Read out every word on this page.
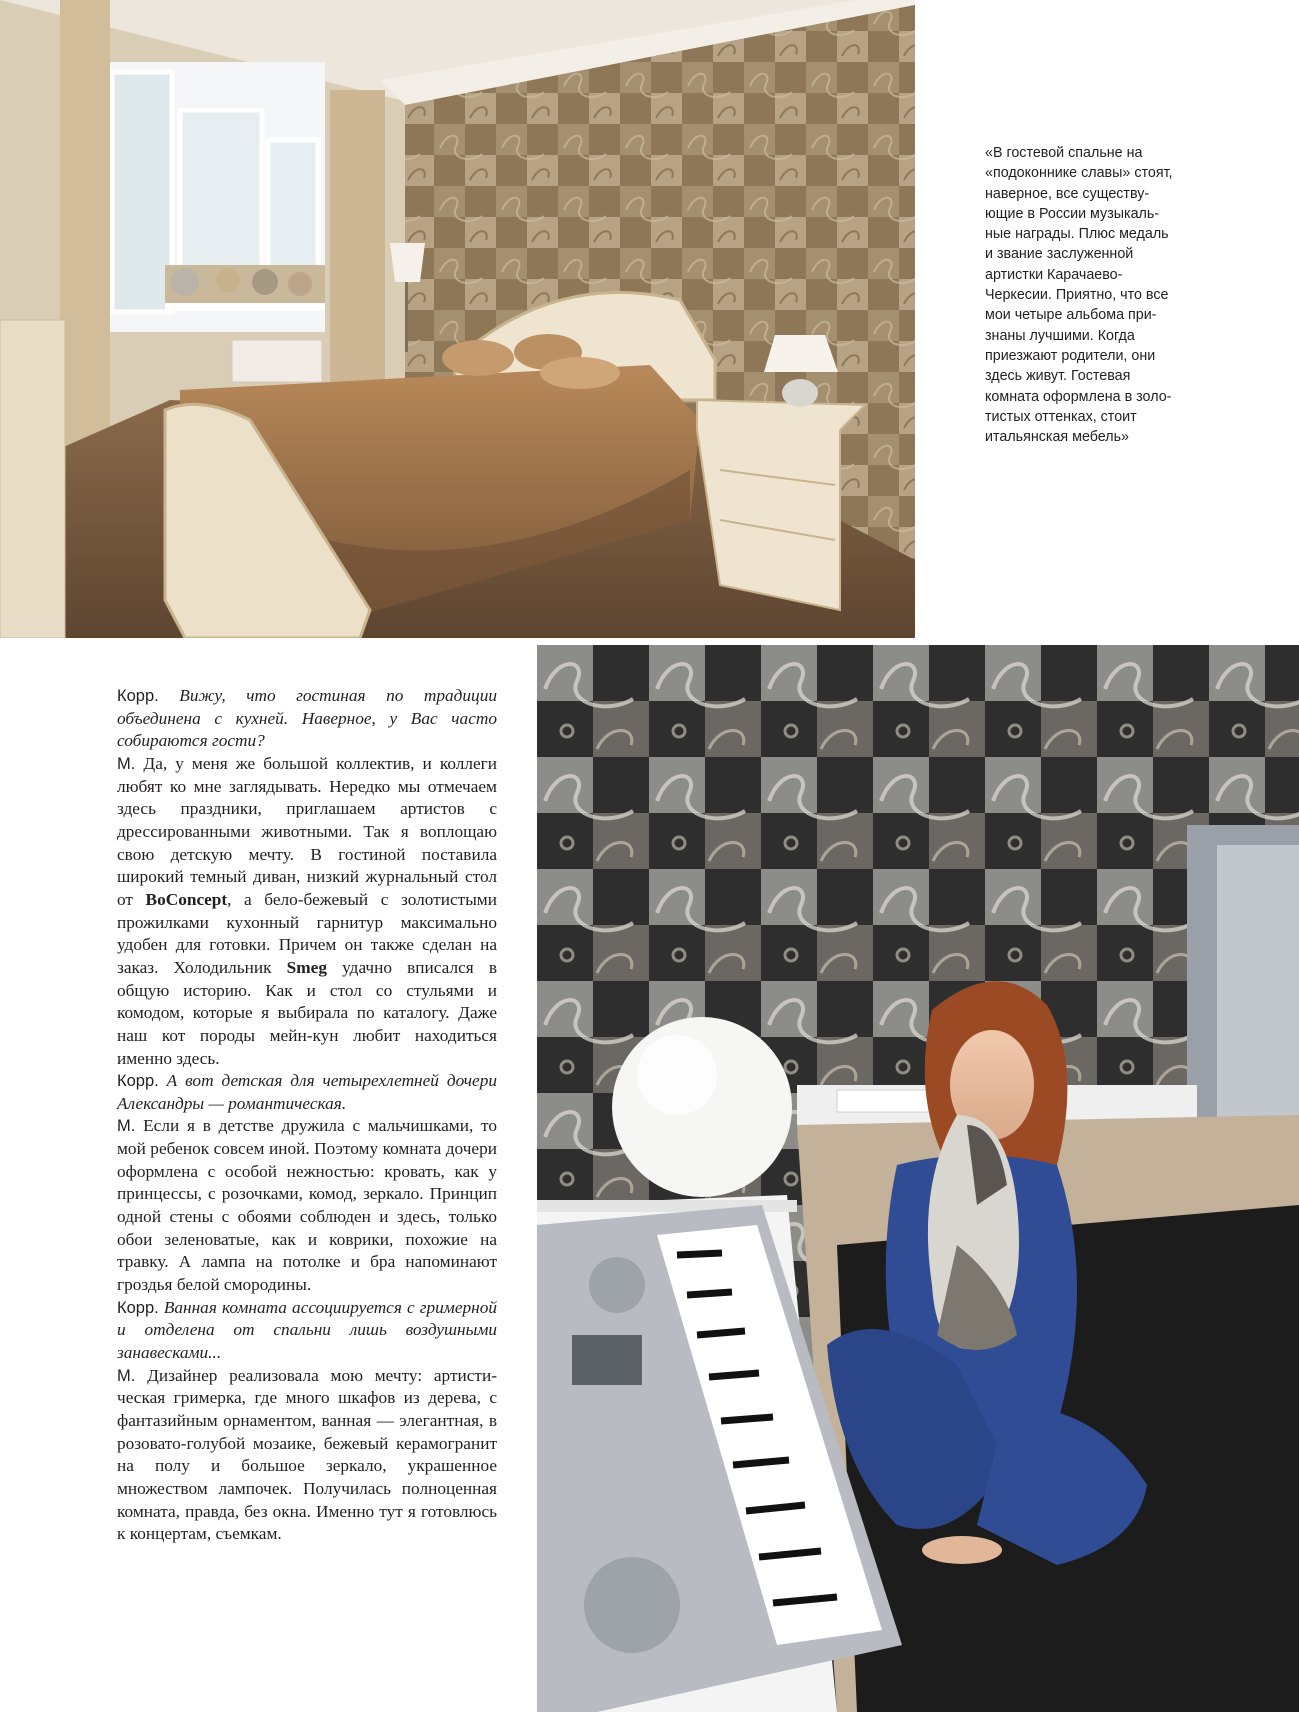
«В гостевой спальне на
«подоконнике славы» стоят,
наверное, все существу-
ющие в России музыкаль-
ные награды. Плюс медаль
и звание заслуженной
артистки Карачаево-
Черкесии. Приятно, что все
мои четыре альбома при-
знаны лучшими. Когда
приезжают родители, они
здесь живут. Гостевая
комната оформлена в золо-
тистых оттенках, стоит
итальянская мебель»

Корр. Вижу, что гостиная по традиции объединена с кухней. Наверное, у Вас часто собираются гости?

М. Да, у меня же большой коллектив, и коллеги любят ко мне заглядывать. Нередко мы отмечаем здесь праздники, приглашаем артистов с дрессированными животными. Так я воплощаю свою детскую мечту. В гостиной поставила широкий темный диван, низкий журнальный стол от BoConcept, а бело-бежевый с золотистыми прожилками кухонный гарнитур максимально удобен для готовки. Причем он также сделан на заказ. Холодильник Smeg удачно вписался в общую историю. Как и стол со стульями и комодом, которые я выбирала по каталогу. Даже наш кот породы мейн-кун любит находиться именно здесь.

Корр. А вот детская для четырехлетней дочери Александры — романтическая.

М. Если я в детстве дружила с мальчишками, то мой ребенок совсем иной. Поэтому комната дочери оформлена с особой нежностью: кровать, как у принцессы, с розочками, комод, зеркало. Принцип одной стены с обоями соблюден и здесь, только обои зеленоватые, как и коврики, похожие на травку. А лампа на потолке и бра напоминают гроздья белой смородины.

Корр. Ванная комната ассоциируется с гримерной и отделена от спальни лишь воздушными занавесками...

М. Дизайнер реализовала мою мечту: артистическая гримерка, где много шкафов из дерева, с фантазийным орнаментом, ванная — элегантная, в розовато-голубой мозаике, бежевый керамогранит на полу и большое зеркало, украшенное множеством лампочек. Получилась полноценная комната, правда, без окна. Именно тут я готовлюсь к концертам, съемкам.
